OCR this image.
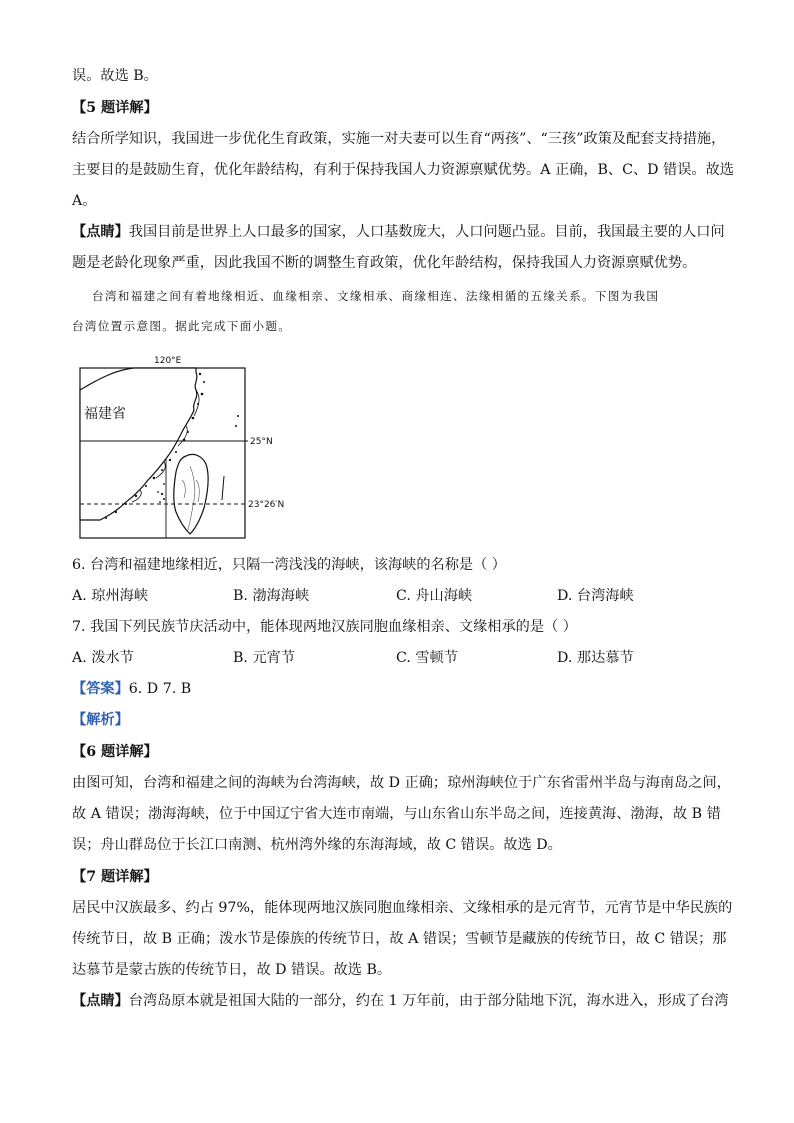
误。故选 B。
【5 题详解】
结合所学知识，我国进一步优化生育政策，实施一对夫妻可以生育“两孩”、“三孩”政策及配套支持措施，
主要目的是鼓励生育，优化年龄结构，有利于保持我国人力资源禀赋优势。A 正确，B、C、D 错误。故选
A。
【点睛】我国目前是世界上人口最多的国家，人口基数庞大，人口问题凸显。目前，我国最主要的人口问
题是老龄化现象严重，因此我国不断的调整生育政策，优化年龄结构，保持我国人力资源禀赋优势。
台湾和福建之间有着地缘相近、血缘相亲、文缘相承、商缘相连、法缘相循的五缘关系。下图为我国
台湾位置示意图。据此完成下面小题。
120°E
福建省
25°N
23°26′N
6. 台湾和福建地缘相近，只隔一湾浅浅的海峡，该海峡的名称是（ ）
A. 琼州海峡	B. 渤海海峡	C. 舟山海峡	D. 台湾海峡
7. 我国下列民族节庆活动中，能体现两地汉族同胞血缘相亲、文缘相承的是（ ）
A. 泼水节	B. 元宵节	C. 雪顿节	D. 那达慕节
【答案】6. D 7. B
【解析】
【6 题详解】
由图可知，台湾和福建之间的海峡为台湾海峡，故 D 正确；琼州海峡位于广东省雷州半岛与海南岛之间，
故 A 错误；渤海海峡，位于中国辽宁省大连市南端，与山东省山东半岛之间，连接黄海、渤海，故 B 错
误；舟山群岛位于长江口南测、杭州湾外缘的东海海域，故 C 错误。故选 D。
【7 题详解】
居民中汉族最多、约占 97%，能体现两地汉族同胞血缘相亲、文缘相承的是元宵节，元宵节是中华民族的
传统节日，故 B 正确；泼水节是傣族的传统节日，故 A 错误；雪顿节是藏族的传统节日，故 C 错误；那
达慕节是蒙古族的传统节日，故 D 错误。故选 B。
【点睛】台湾岛原本就是祖国大陆的一部分，约在 1 万年前，由于部分陆地下沉，海水进入，形成了台湾
